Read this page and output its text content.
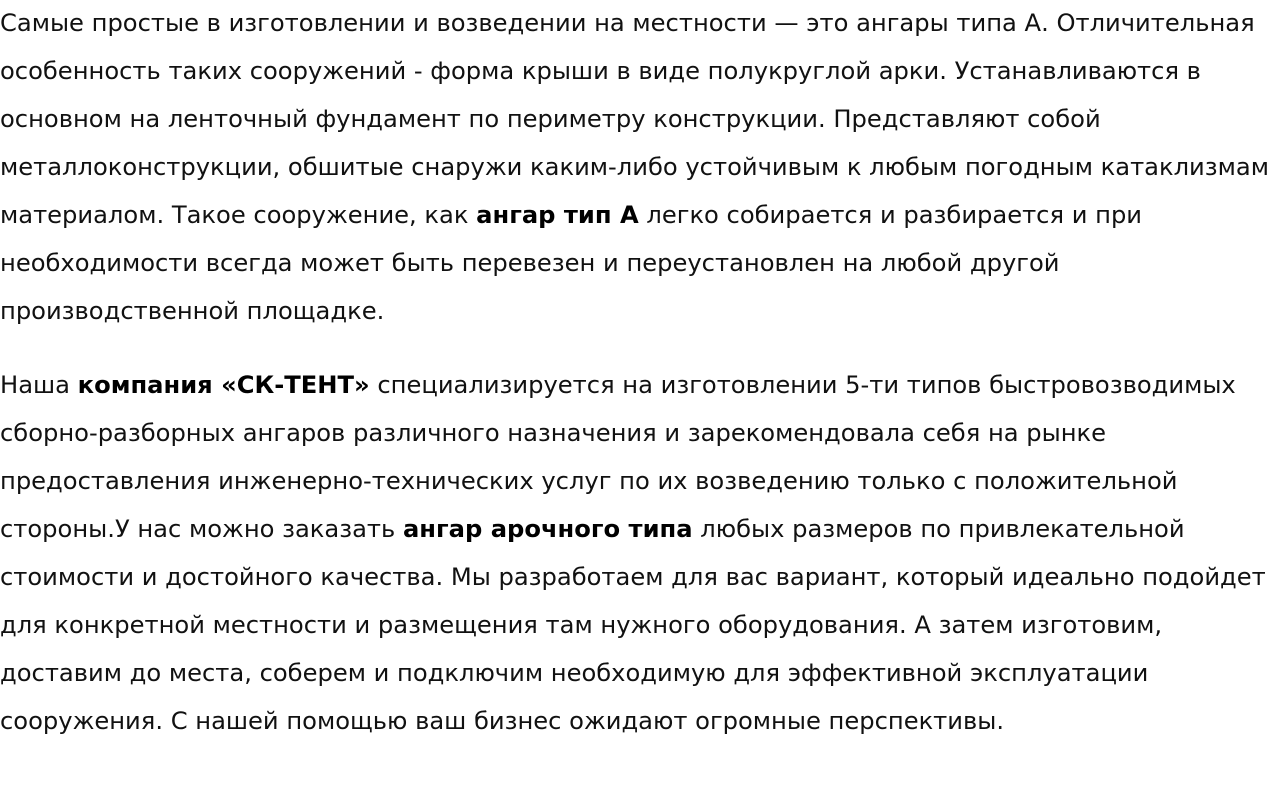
Самые простые в изготовлении и возведении на местности — это ангары типа А. Отличительная особенность таких сооружений - форма крыши в виде полукруглой арки. Устанавливаются в основном на ленточный фундамент по периметру конструкции. Представляют собой металлоконструкции, обшитые снаружи каким-либо устойчивым к любым погодным катаклизмам материалом. Такое сооружение, как ангар тип А легко собирается и разбирается и при необходимости всегда может быть перевезен и переустановлен на любой другой производственной площадке.

Наша компания «СК-ТЕНТ» специализируется на изготовлении 5-ти типов быстровозводимых сборно-разборных ангаров различного назначения и зарекомендовала себя на рынке предоставления инженерно-технических услуг по их возведению только с положительной стороны.У нас можно заказать ангар арочного типа любых размеров по привлекательной стоимости и достойного качества. Мы разработаем для вас вариант, который идеально подойдет для конкретной местности и размещения там нужного оборудования. А затем изготовим, доставим до места, соберем и подключим необходимую для эффективной эксплуатации сооружения. С нашей помощью ваш бизнес ожидают огромные перспективы.
